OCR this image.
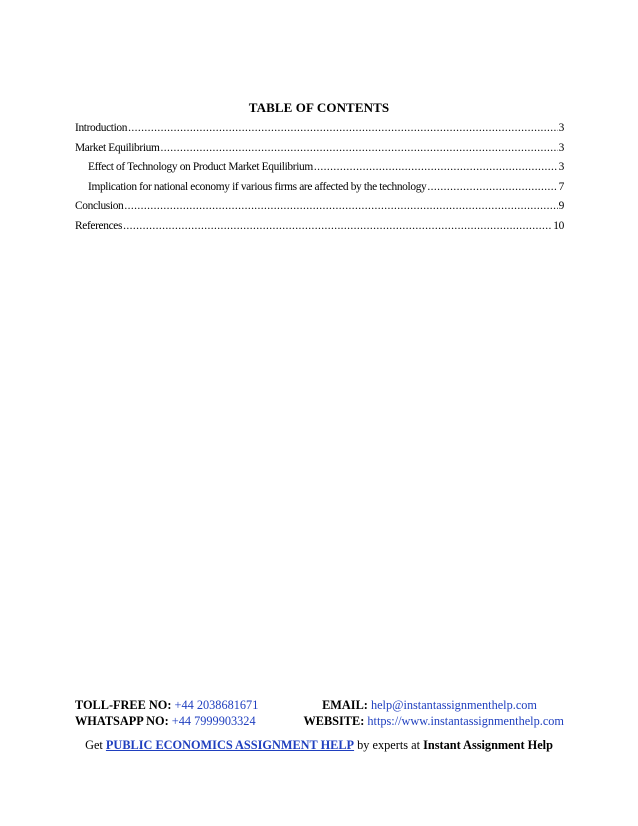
TABLE OF CONTENTS
Introduction .....	3
Market Equilibrium .....	3
Effect of Technology on Product Market Equilibrium .....	3
Implication for national economy if various firms are affected by the technology .....	7
Conclusion .....	9
References .....	10
TOLL-FREE NO: +44 2038681671	EMAIL: help@instantassignmenthelp.com
WHATSAPP NO: +44 7999903324	WEBSITE: https://www.instantassignmenthelp.com
Get PUBLIC ECONOMICS ASSIGNMENT HELP by experts at Instant Assignment Help
